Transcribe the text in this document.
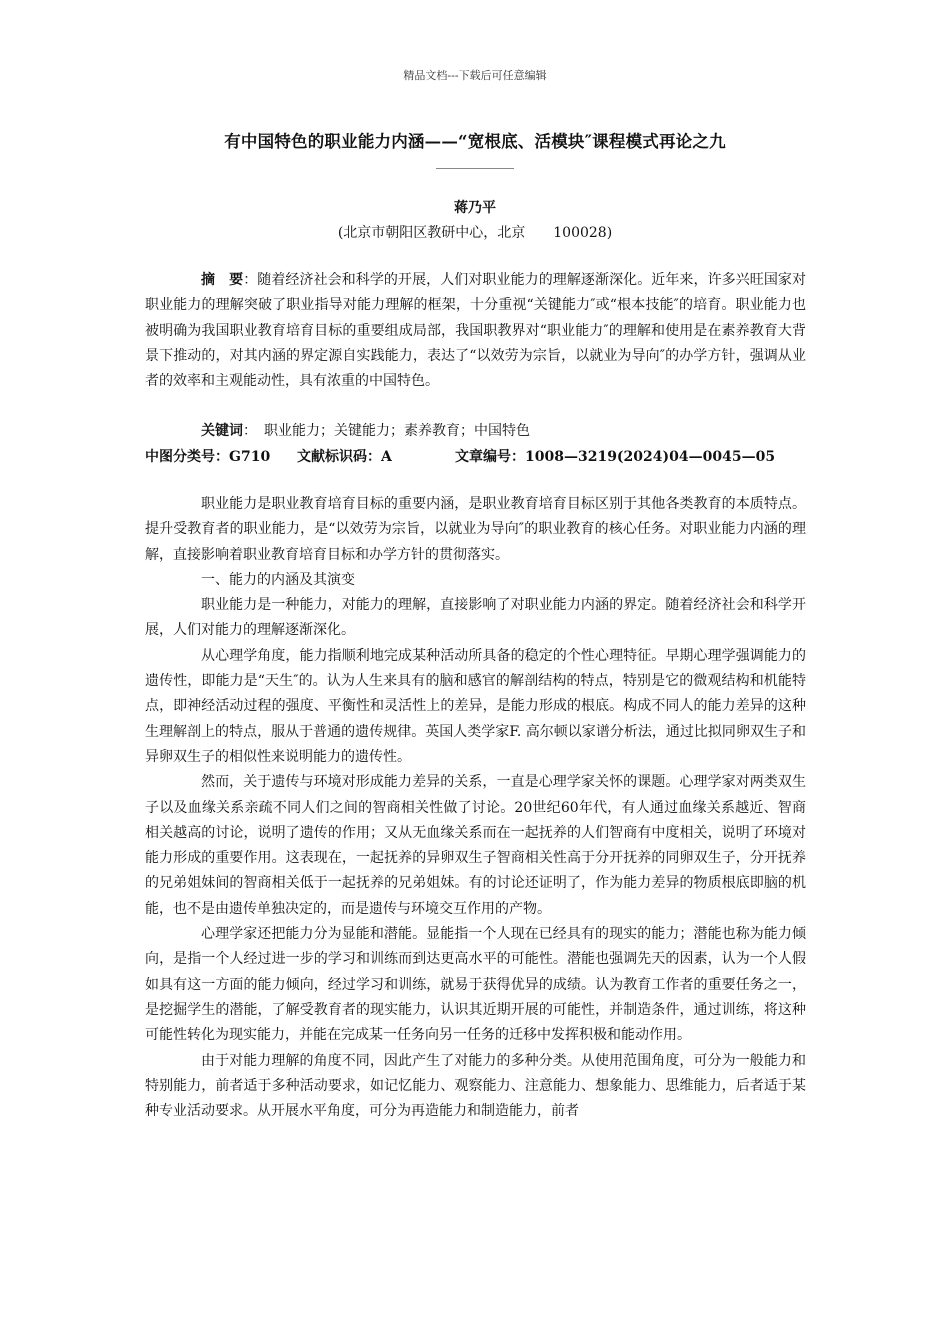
精品文档---下载后可任意编辑
有中国特色的职业能力内涵——“宽根底、活模块″课程模式再论之九
蒋乃平
(北京市朝阳区教研中心，北京　　100028)

摘　要：随着经济社会和科学的开展，人们对职业能力的理解逐渐深化。近年来，许多兴旺国家对职业能力的理解突破了职业指导对能力理解的框架，十分重视“关键能力″或“根本技能″的培育。职业能力也被明确为我国职业教育培育目标的重要组成局部，我国职教界对“职业能力″的理解和使用是在素养教育大背景下推动的，对其内涵的界定源自实践能力，表达了“以效劳为宗旨，以就业为导向″的办学方针，强调从业者的效率和主观能动性，具有浓重的中国特色。

关键词：　职业能力；关键能力；素养教育；中国特色
中图分类号：G710 文献标识码：A	文章编号：1008—3219(2024)04—0045—05

职业能力是职业教育培育目标的重要内涵，是职业教育培育目标区别于其他各类教育的本质特点。提升受教育者的职业能力，是“以效劳为宗旨，以就业为导向″的职业教育的核心任务。对职业能力内涵的理解，直接影响着职业教育培育目标和办学方针的贯彻落实。

一、能力的内涵及其演变

职业能力是一种能力，对能力的理解，直接影响了对职业能力内涵的界定。随着经济社会和科学开展，人们对能力的理解逐渐深化。

从心理学角度，能力指顺利地完成某种活动所具备的稳定的个性心理特征。早期心理学强调能力的遗传性，即能力是“天生″的。认为人生来具有的脑和感官的解剖结构的特点，特别是它的微观结构和机能特点，即神经活动过程的强度、平衡性和灵活性上的差异，是能力形成的根底。构成不同人的能力差异的这种生理解剖上的特点，服从于普通的遗传规律。英国人类学家F. 高尔顿以家谱分析法，通过比拟同卵双生子和异卵双生子的相似性来说明能力的遗传性。

然而，关于遗传与环境对形成能力差异的关系，一直是心理学家关怀的课题。心理学家对两类双生子以及血缘关系亲疏不同人们之间的智商相关性做了讨论。20世纪60年代，有人通过血缘关系越近、智商相关越高的讨论，说明了遗传的作用；又从无血缘关系而在一起抚养的人们智商有中度相关，说明了环境对能力形成的重要作用。这表现在，一起抚养的异卵双生子智商相关性高于分开抚养的同卵双生子，分开抚养的兄弟姐妹间的智商相关低于一起抚养的兄弟姐妹。有的讨论还证明了，作为能力差异的物质根底即脑的机能，也不是由遗传单独决定的，而是遗传与环境交互作用的产物。

心理学家还把能力分为显能和潜能。显能指一个人现在已经具有的现实的能力；潜能也称为能力倾向，是指一个人经过进一步的学习和训练而到达更高水平的可能性。潜能也强调先天的因素，认为一个人假如具有这一方面的能力倾向，经过学习和训练，就易于获得优异的成绩。认为教育工作者的重要任务之一，是挖掘学生的潜能，了解受教育者的现实能力，认识其近期开展的可能性，并制造条件，通过训练，将这种可能性转化为现实能力，并能在完成某一任务向另一任务的迁移中发挥积极和能动作用。

由于对能力理解的角度不同，因此产生了对能力的多种分类。从使用范围角度，可分为一般能力和特别能力，前者适于多种活动要求，如记忆能力、观察能力、注意能力、想象能力、思维能力，后者适于某种专业活动要求。从开展水平角度，可分为再造能力和制造能力，前者
